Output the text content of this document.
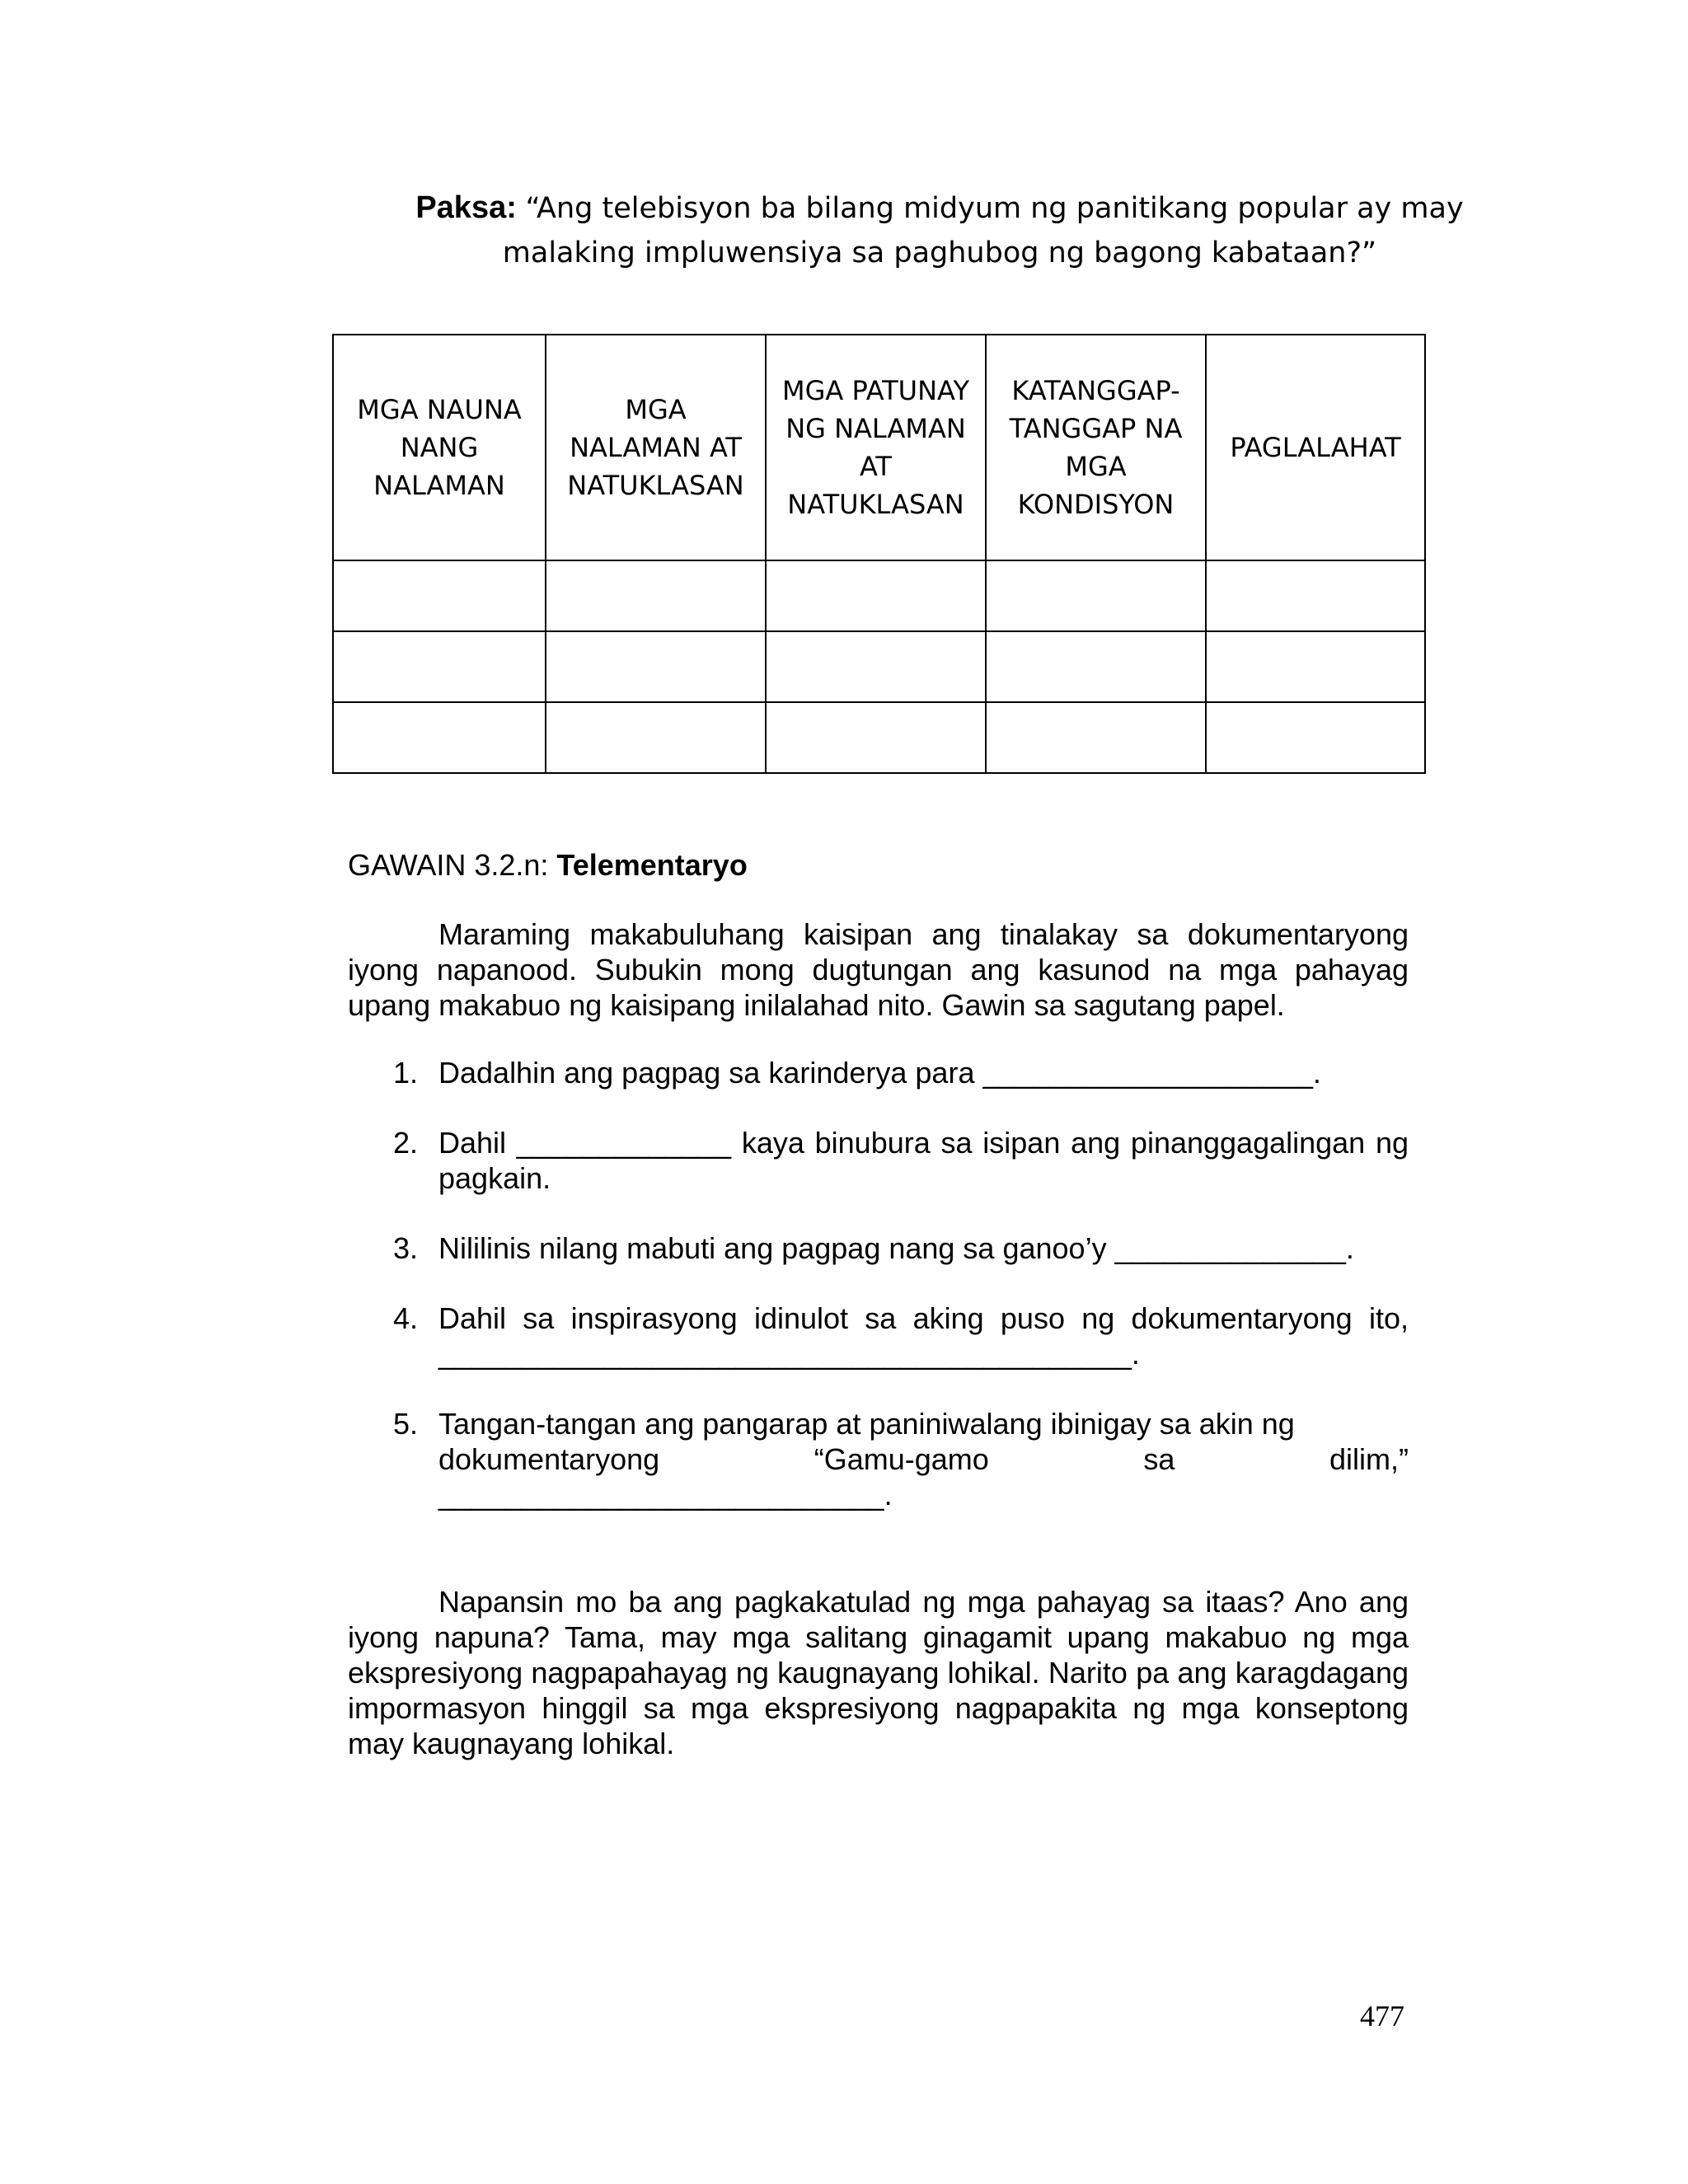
Paksa: “Ang telebisyon ba bilang midyum ng panitikang popular ay may
malaking impluwensiya sa paghubog ng bagong kabataan?”
MGA NAUNA NANG NALAMAN	MGA NALAMAN AT NATUKLASAN	MGA PATUNAY NG NALAMAN AT NATUKLASAN	KATANGGAP-TANGGAP NA MGA KONDISYON	PAGLALAHAT

GAWAIN 3.2.n: Telementaryo

Maraming makabuluhang kaisipan ang tinalakay sa dokumentaryong iyong napanood. Subukin mong dugtungan ang kasunod na mga pahayag upang makabuo ng kaisipang inilalahad nito. Gawin sa sagutang papel.

1. Dadalhin ang pagpag sa karinderya para ____________________.
2. Dahil _____________ kaya binubura sa isipan ang pinanggagalingan ng pagkain.
3. Nililinis nilang mabuti ang pagpag nang sa ganoo’y ______________.
4. Dahil sa inspirasyong idinulot sa aking puso ng dokumentaryong ito, __________________________________________.
5. Tangan-tangan ang pangarap at paniniwalang ibinigay sa akin ng
dokumentaryong	“Gamu-gamo	sa	dilim,”
___________________________.

Napansin mo ba ang pagkakatulad ng mga pahayag sa itaas? Ano ang iyong napuna? Tama, may mga salitang ginagamit upang makabuo ng mga ekspresiyong nagpapahayag ng kaugnayang lohikal. Narito pa ang karagdagang impormasyon hinggil sa mga ekspresiyong nagpapakita ng mga konseptong may kaugnayang lohikal.

477
